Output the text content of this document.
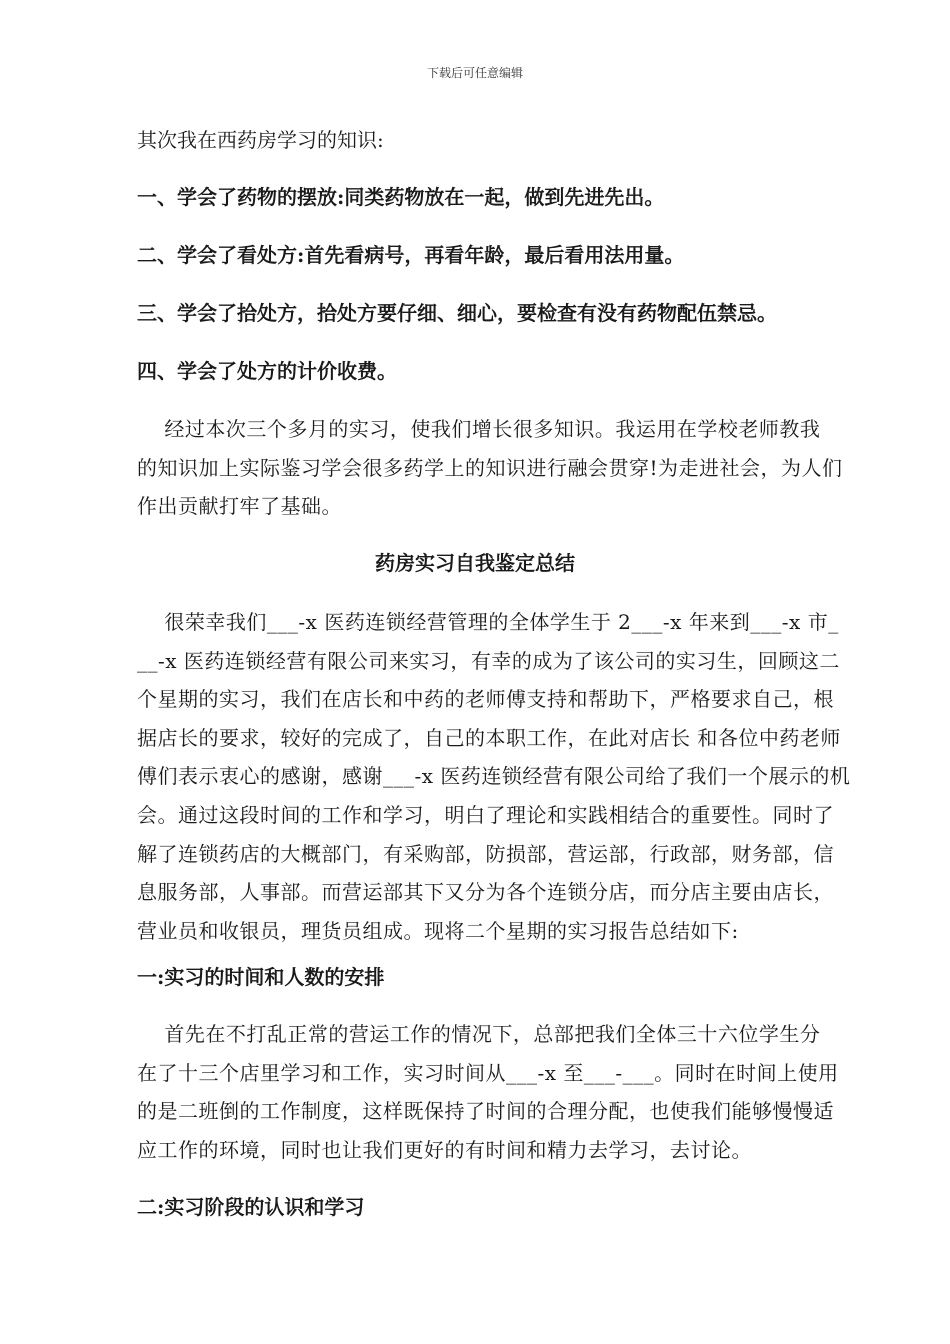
下载后可任意编辑
其次我在西药房学习的知识:
一、学会了药物的摆放:同类药物放在一起，做到先进先出。
二、学会了看处方:首先看病号，再看年龄，最后看用法用量。
三、学会了拾处方，拾处方要仔细、细心，要检查有没有药物配伍禁忌。
四、学会了处方的计价收费。
经过本次三个多月的实习，使我们增长很多知识。我运用在学校老师教我
的知识加上实际鉴习学会很多药学上的知识进行融会贯穿!为走进社会，为人们
作出贡献打牢了基础。
药房实习自我鉴定总结
很荣幸我们___-x 医药连锁经营管理的全体学生于 2___-x 年来到___-x 市_
__-x 医药连锁经营有限公司来实习，有幸的成为了该公司的实习生，回顾这二
个星期的实习，我们在店长和中药的老师傅支持和帮助下，严格要求自己，根
据店长的要求，较好的完成了，自己的本职工作，在此对店长 和各位中药老师
傅们表示衷心的感谢，感谢___-x 医药连锁经营有限公司给了我们一个展示的机
会。通过这段时间的工作和学习，明白了理论和实践相结合的重要性。同时了
解了连锁药店的大概部门，有采购部，防损部，营运部，行政部，财务部，信
息服务部，人事部。而营运部其下又分为各个连锁分店，而分店主要由店长，
营业员和收银员，理货员组成。现将二个星期的实习报告总结如下:
一:实习的时间和人数的安排
首先在不打乱正常的营运工作的情况下，总部把我们全体三十六位学生分
在了十三个店里学习和工作，实习时间从___-x 至___-___。同时在时间上使用
的是二班倒的工作制度，这样既保持了时间的合理分配，也使我们能够慢慢适
应工作的环境，同时也让我们更好的有时间和精力去学习，去讨论。
二:实习阶段的认识和学习
